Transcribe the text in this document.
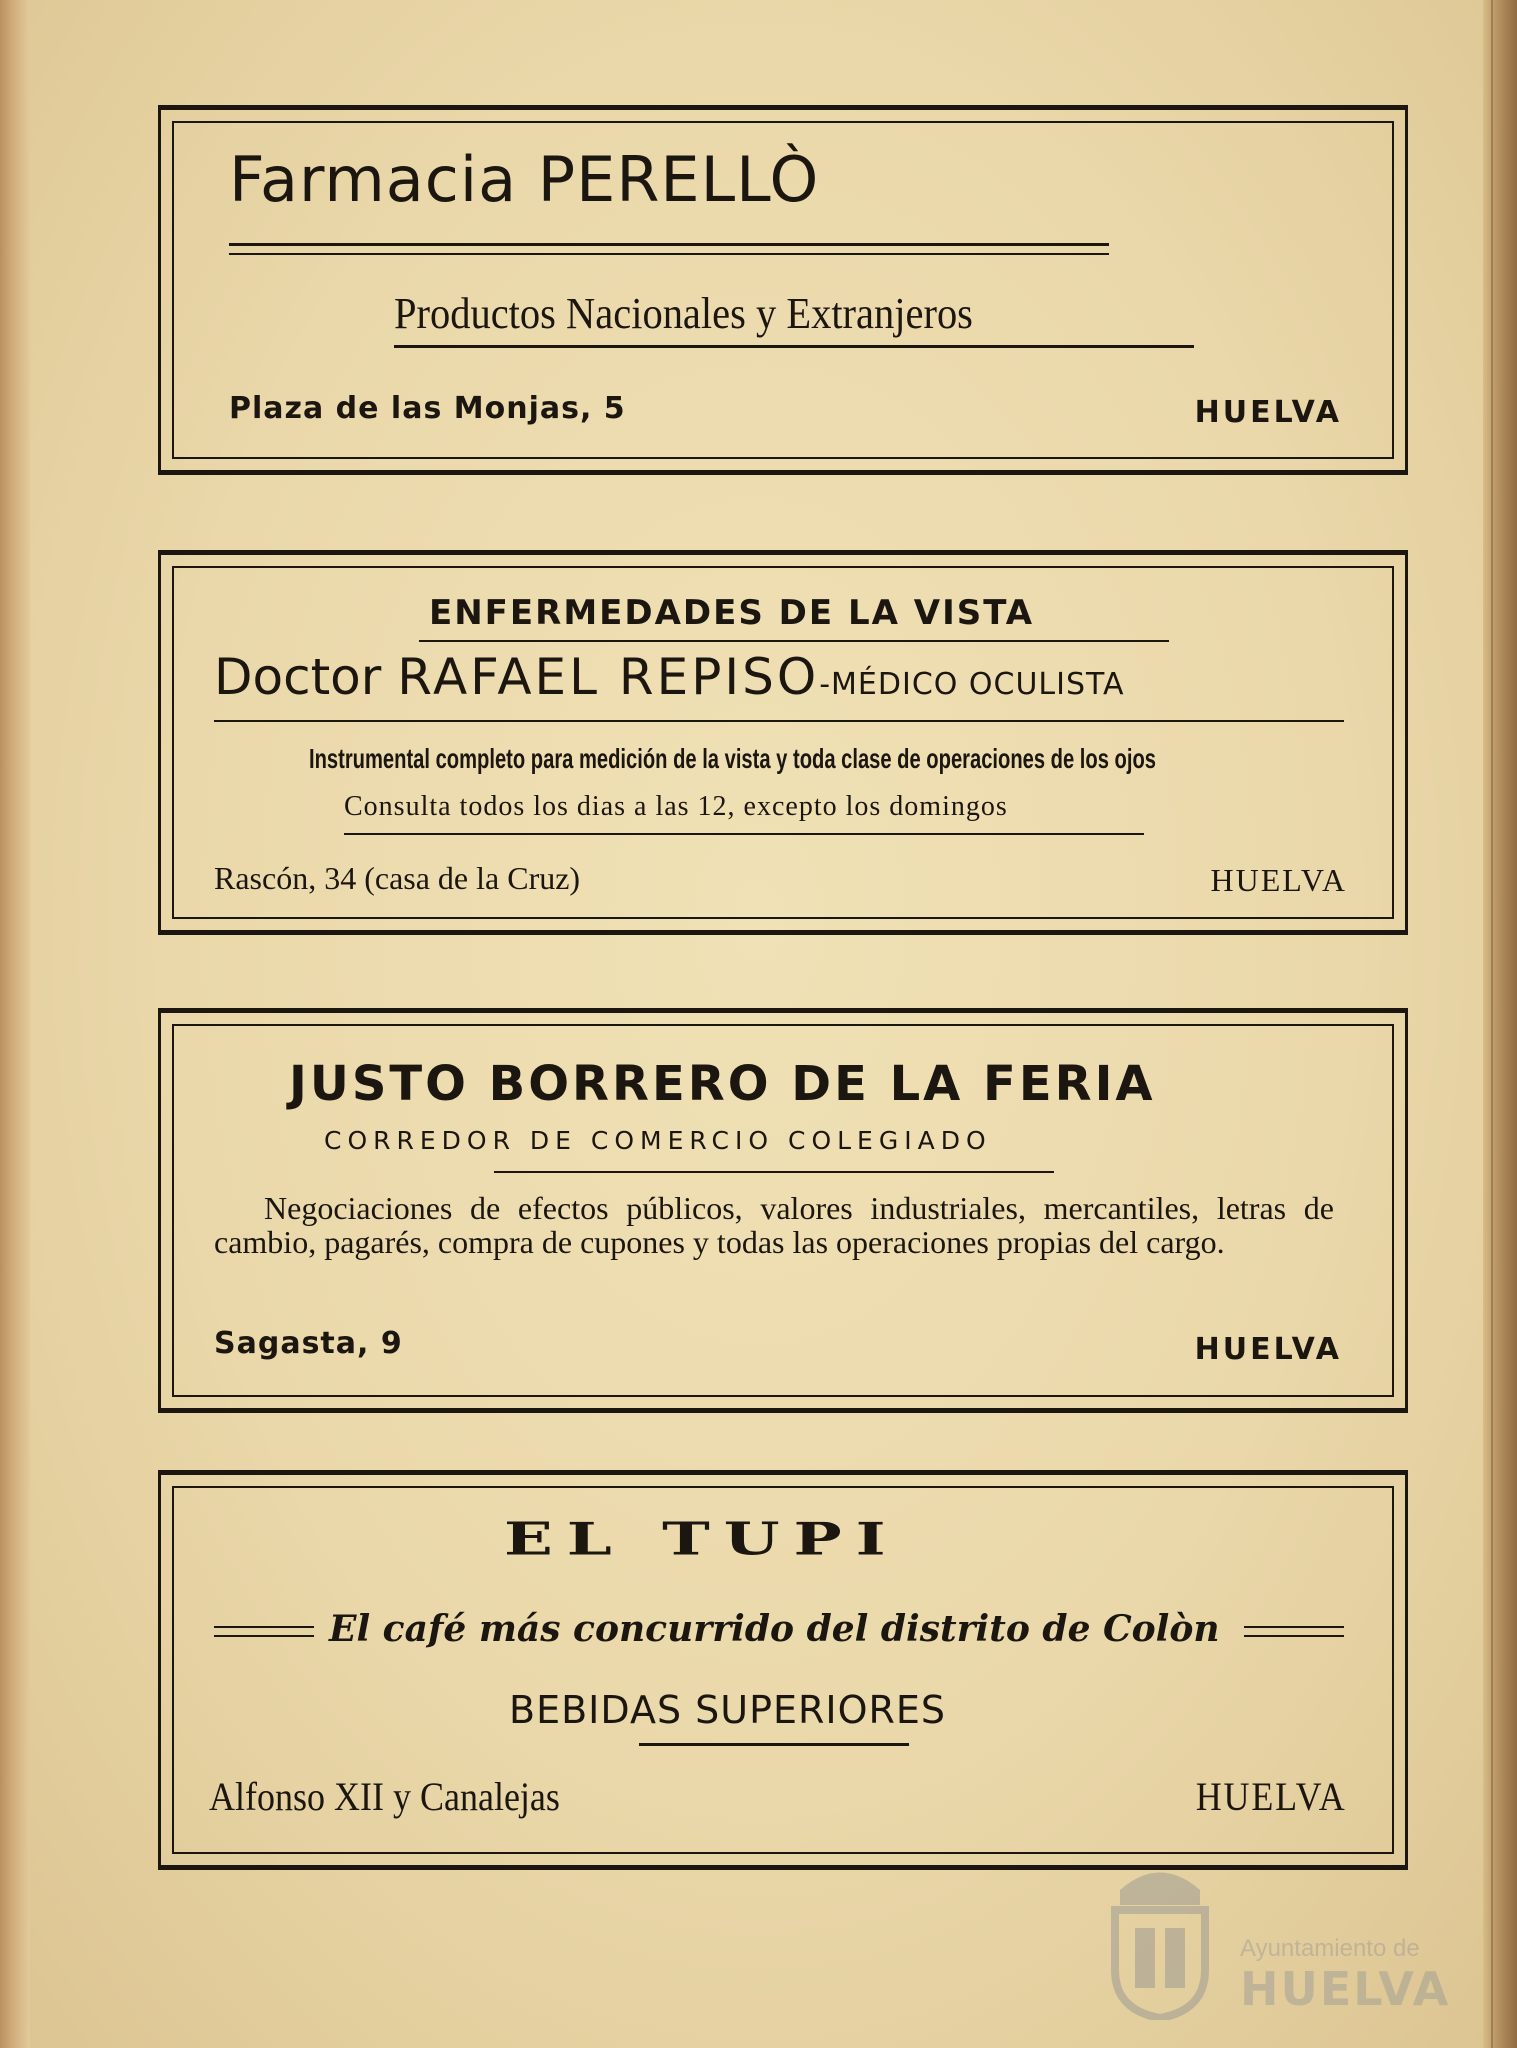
Farmacia PERELLÒ
Productos Nacionales y Extranjeros
Plaza de las Monjas, 5	HUELVA
ENFERMEDADES DE LA VISTA
Doctor RAFAEL REPISO-MÉDICO OCULISTA
Instrumental completo para medición de la vista y toda clase de operaciones de los ojos
Consulta todos los dias a las 12, excepto los domingos
Rascón, 34 (casa de la Cruz)	HUELVA
JUSTO BORRERO DE LA FERIA
CORREDOR DE COMERCIO COLEGIADO
Negociaciones de efectos públicos, valores industriales, mercantiles, letras de cambio, pagarés, compra de cupones y todas las operaciones propias del cargo.
Sagasta, 9	HUELVA
EL TUPI
El café más concurrido del distrito de Colòn
BEBIDAS SUPERIORES
Alfonso XII y Canalejas	HUELVA
Ayuntamiento de
HUELVA
